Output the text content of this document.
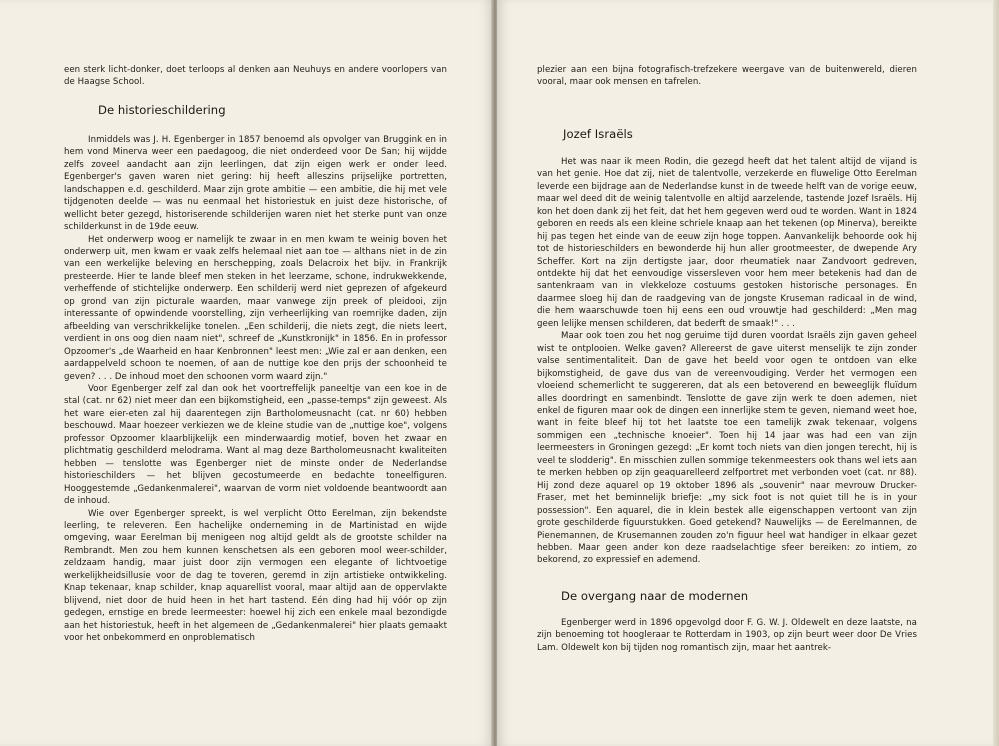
een sterk licht-donker, doet terloops al denken aan Neuhuys en andere voorlopers van de Haagse School.

De historieschildering

Inmiddels was J. H. Egenberger in 1857 benoemd als opvolger van Bruggink en in hem vond Minerva weer een paedagoog, die niet onderdeed voor De San; hij wijdde zelfs zoveel aandacht aan zijn leerlingen, dat zijn eigen werk er onder leed. Egenberger's gaven waren niet gering: hij heeft alleszins prijselijke portretten, landschappen e.d. geschilderd. Maar zijn grote ambitie — een ambitie, die hij met vele tijdgenoten deelde — was nu eenmaal het historiestuk en juist deze historische, of wellicht beter gezegd, historiserende schilderijen waren niet het sterke punt van onze schilderkunst in de 19de eeuw.

Het onderwerp woog er namelijk te zwaar in en men kwam te weinig boven het onderwerp uit, men kwam er vaak zelfs helemaal niet aan toe — althans niet in de zin van een werkelijke beleving en herschepping, zoals Delacroix het bijv. in Frankrijk presteerde. Hier te lande bleef men steken in het leerzame, schone, indrukwekkende, verheffende of stichtelijke onderwerp. Een schilderij werd niet geprezen of afgekeurd op grond van zijn picturale waarden, maar vanwege zijn preek of pleidooi, zijn interessante of opwindende voorstelling, zijn verheerlijking van roemrijke daden, zijn afbeelding van verschrikkelijke tonelen. „Een schilderij, die niets zegt, die niets leert, verdient in ons oog dien naam niet", schreef de „Kunstkroniјk" in 1856. En in professor Opzoomer's „de Waarheid en haar Kenbronnen" leest men: „Wie zal er aan denken, een aardappelveld schoon te noemen, of aan de nuttige koe den prijs der schoonheid te geven? . . . De inhoud moet den schoonen vorm waard zijn."

Voor Egenberger zelf zal dan ook het voortreffelijk paneeltje van een koe in de stal (cat. nr 62) niet meer dan een bijkomstigheid, een „passe-temps" zijn geweest. Als het ware eier-eten zal hij daarentegen zijn Bartholomeusnacht (cat. nr 60) hebben beschouwd. Maar hoezeer verkiezen we de kleine studie van de „nuttige koe", volgens professor Opzoomer klaarblijkelijk een minderwaardig motief, boven het zwaar en plichtmatig geschilderd melodrama. Want al mag deze Bartholomeusnacht kwaliteiten hebben — tenslotte was Egenberger niet de minste onder de Nederlandse historieschilders — het blijven gecostumeerde en bedachte toneelfiguren. Hooggestemde „Gedankenmalerei", waarvan de vorm niet voldoende beantwoordt aan de inhoud.

Wie over Egenberger spreekt, is wel verplicht Otto Eerelman, zijn bekendste leerling, te releveren. Een hachelijke onderneming in de Martinistad en wijde omgeving, waar Eerelman bij menigeen nog altijd geldt als de grootste schilder na Rembrandt. Men zou hem kunnen kenschetsen als een geboren mool weer-schilder, zeldzaam handig, maar juist door zijn vermogen een elegante of lichtvoetige werkelijkheidsillusie voor de dag te toveren, geremd in zijn artistieke ontwikkeling. Knap tekenaar, knap schilder, knap aquarellist vooral, maar altijd aan de oppervlakte blijvend, niet door de huid heen in het hart tastend. Eén ding had hij vóór op zijn gedegen, ernstige en brede leermeester: hoewel hij zich een enkele maal bezondigde aan het historiestuk, heeft in het algemeen de „Gedankenmalerei" hier plaats gemaakt voor het onbekommerd en onproblematisch

plezier aan een bijna fotografisch-trefzekere weergave van de buitenwereld, dieren vooral, maar ook mensen en tafrelen.

Jozef Israëls

Het was naar ik meen Rodin, die gezegd heeft dat het talent altijd de vijand is van het genie. Hoe dat zij, niet de talentvolle, verzekerde en fluwelige Otto Eerelman leverde een bijdrage aan de Nederlandse kunst in de tweede helft van de vorige eeuw, maar wel deed dit de weinig talentvolle en altijd aarzelende, tastende Jozef Israëls. Hij kon het doen dank zij het feit, dat het hem gegeven werd oud te worden. Want in 1824 geboren en reeds als een kleine schriele knaap aan het tekenen (op Minerva), bereikte hij pas tegen het einde van de eeuw zijn hoge toppen. Aanvankelijk behoorde ook hij tot de historieschilders en bewonderde hij hun aller grootmeester, de dwepende Ary Scheffer. Kort na zijn dertigste jaar, door rheumatiek naar Zandvoort gedreven, ontdekte hij dat het eenvoudige vissersleven voor hem meer betekenis had dan de santenkraam van in vlekkeloze costuums gestoken historische personages. En daarmee sloeg hij dan de raadgeving van de jongste Kruseman radicaal in de wind, die hem waarschuwde toen hij eens een oud vrouwtje had geschilderd: „Men mag geen lelijke mensen schilderen, dat bederft de smaak!" . . .

Maar ook toen zou het nog geruime tijd duren voordat Israëls zijn gaven geheel wist te ontplooien. Welke gaven? Allereerst de gave uiterst menselijk te zijn zonder valse sentimentaliteit. Dan de gave het beeld voor ogen te ontdoen van elke bijkomstigheid, de gave dus van de vereenvoudiging. Verder het vermogen een vloeiend schemerlicht te suggereren, dat als een betoverend en beweeglijk fluïdum alles doordringt en samenbindt. Tenslotte de gave zijn werk te doen ademen, niet enkel de figuren maar ook de dingen een innerlijke stem te geven, niemand weet hoe, want in feite bleef hij tot het laatste toe een tamelijk zwak tekenaar, volgens sommigen een „technische knoeier". Toen hij 14 jaar was had een van zijn leermeesters in Groningen gezegd: „Er komt toch niets van dien jongen terecht, hij is veel te slodderig". En misschien zullen sommige tekenmeesters ook thans wel iets aan te merken hebben op zijn geaquarelleerd zelfportret met verbonden voet (cat. nr 88). Hij zond deze aquarel op 19 oktober 1896 als „souvenir" naar mevrouw Drucker-Fraser, met het beminnelijk briefje: „my sick foot is not quiet till he is in your possession". Een aquarel, die in klein bestek alle eigenschappen vertoont van zijn grote geschilderde figuurstukken. Goed getekend? Nauwelijks — de Eerelmannen, de Pienemannen, de Krusemannen zouden zo'n figuur heel wat handiger in elkaar gezet hebben. Maar geen ander kon deze raadselachtige sfeer bereiken: zo intiem, zo bekorend, zo expressief en ademend.

De overgang naar de modernen

Egenberger werd in 1896 opgevolgd door F. G. W. J. Oldewelt en deze laatste, na zijn benoeming tot hoogleraar te Rotterdam in 1903, op zijn beurt weer door De Vries Lam. Oldewelt kon bij tijden nog romantisch zijn, maar het aantrek-
